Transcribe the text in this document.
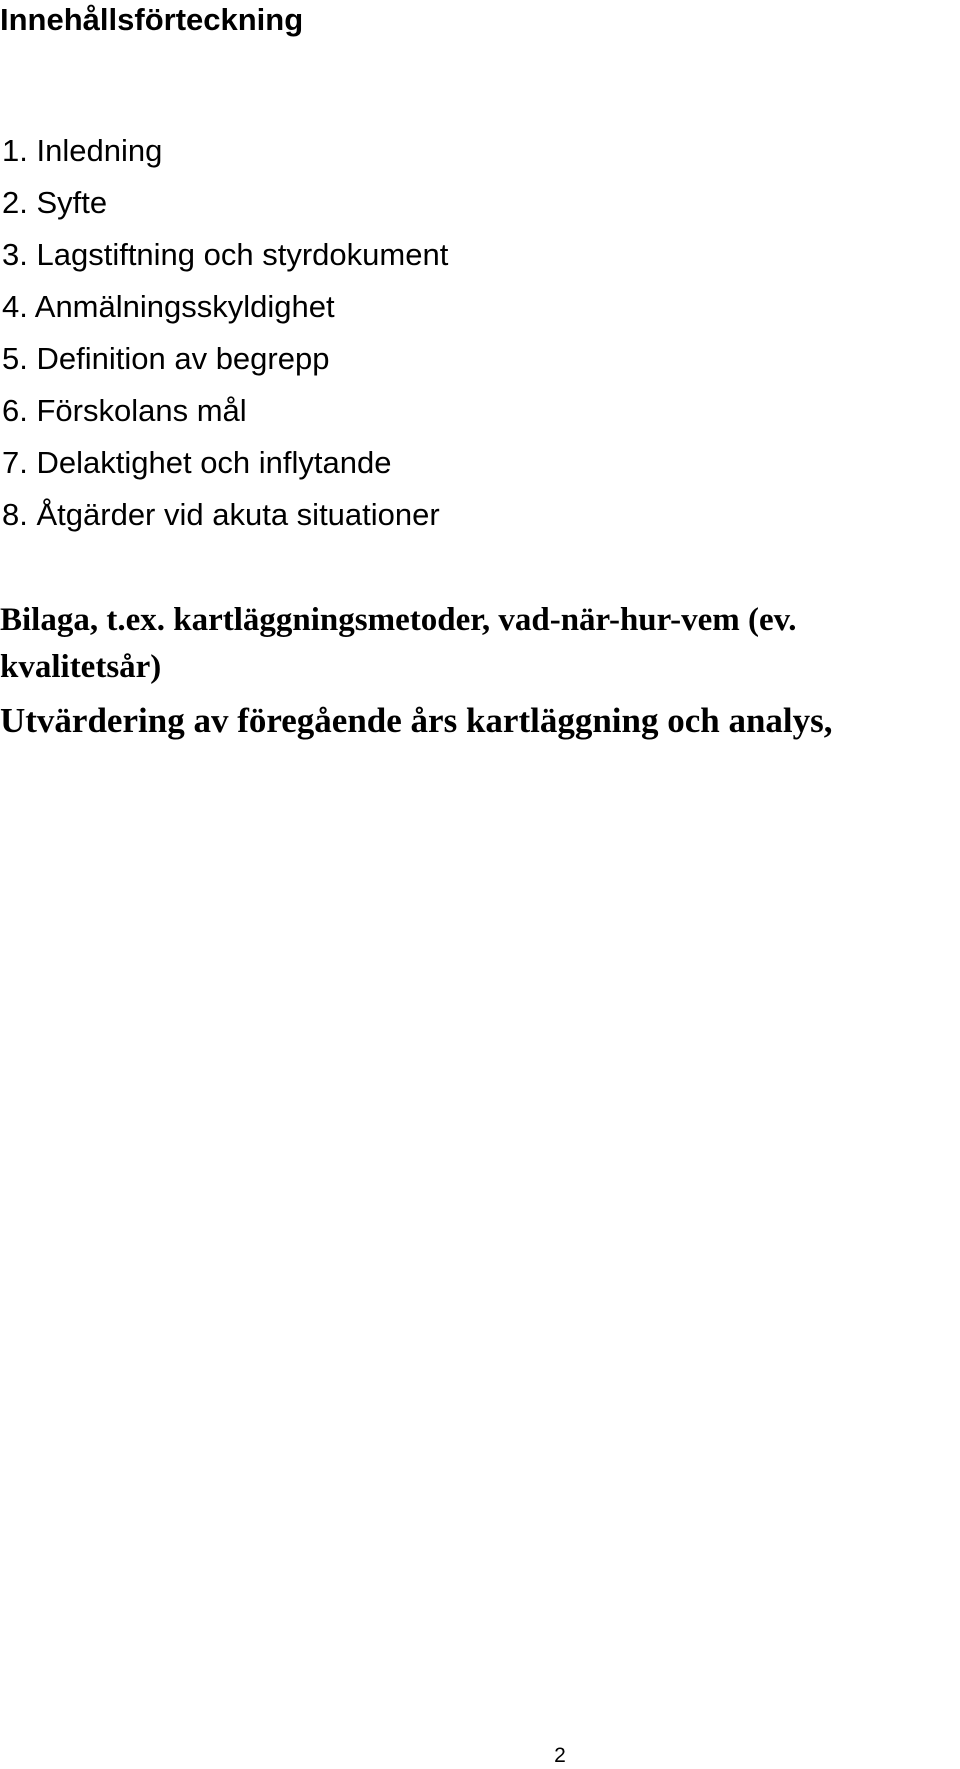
Innehållsförteckning
1. Inledning
2. Syfte
3. Lagstiftning och styrdokument
4. Anmälningsskyldighet
5. Definition av begrepp
6. Förskolans mål
7. Delaktighet och inflytande
8. Åtgärder vid akuta situationer

Bilaga, t.ex. kartläggningsmetoder, vad-när-hur-vem (ev.

kvalitetsår)

Utvärdering av föregående års kartläggning och analys,

2
